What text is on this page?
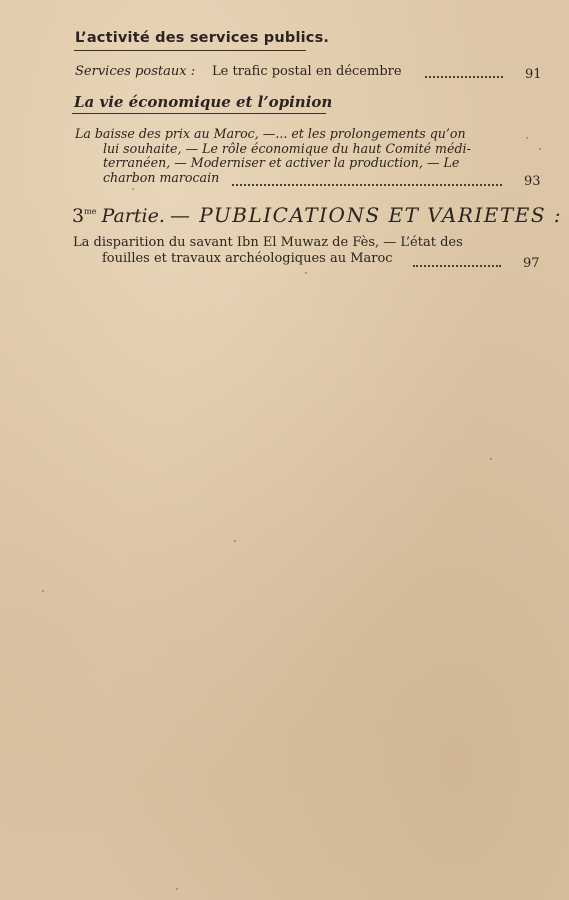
L’activité des services publics.
Services postaux : Le trafic postal en décembre	91
La vie économique et l’opinion
La baisse des prix au Maroc, —... et les prolongements qu’on
lui souhaite, — Le rôle économique du haut Comité médi-
terranéen, — Moderniser et activer la production, — Le
charbon marocain	93
$3^{me}$ Partie. — PUBLICATIONS ET VARIETES :
La disparition du savant Ibn El Muwaz de Fès, — L’état des
fouilles et travaux archéologiques au Maroc	97
